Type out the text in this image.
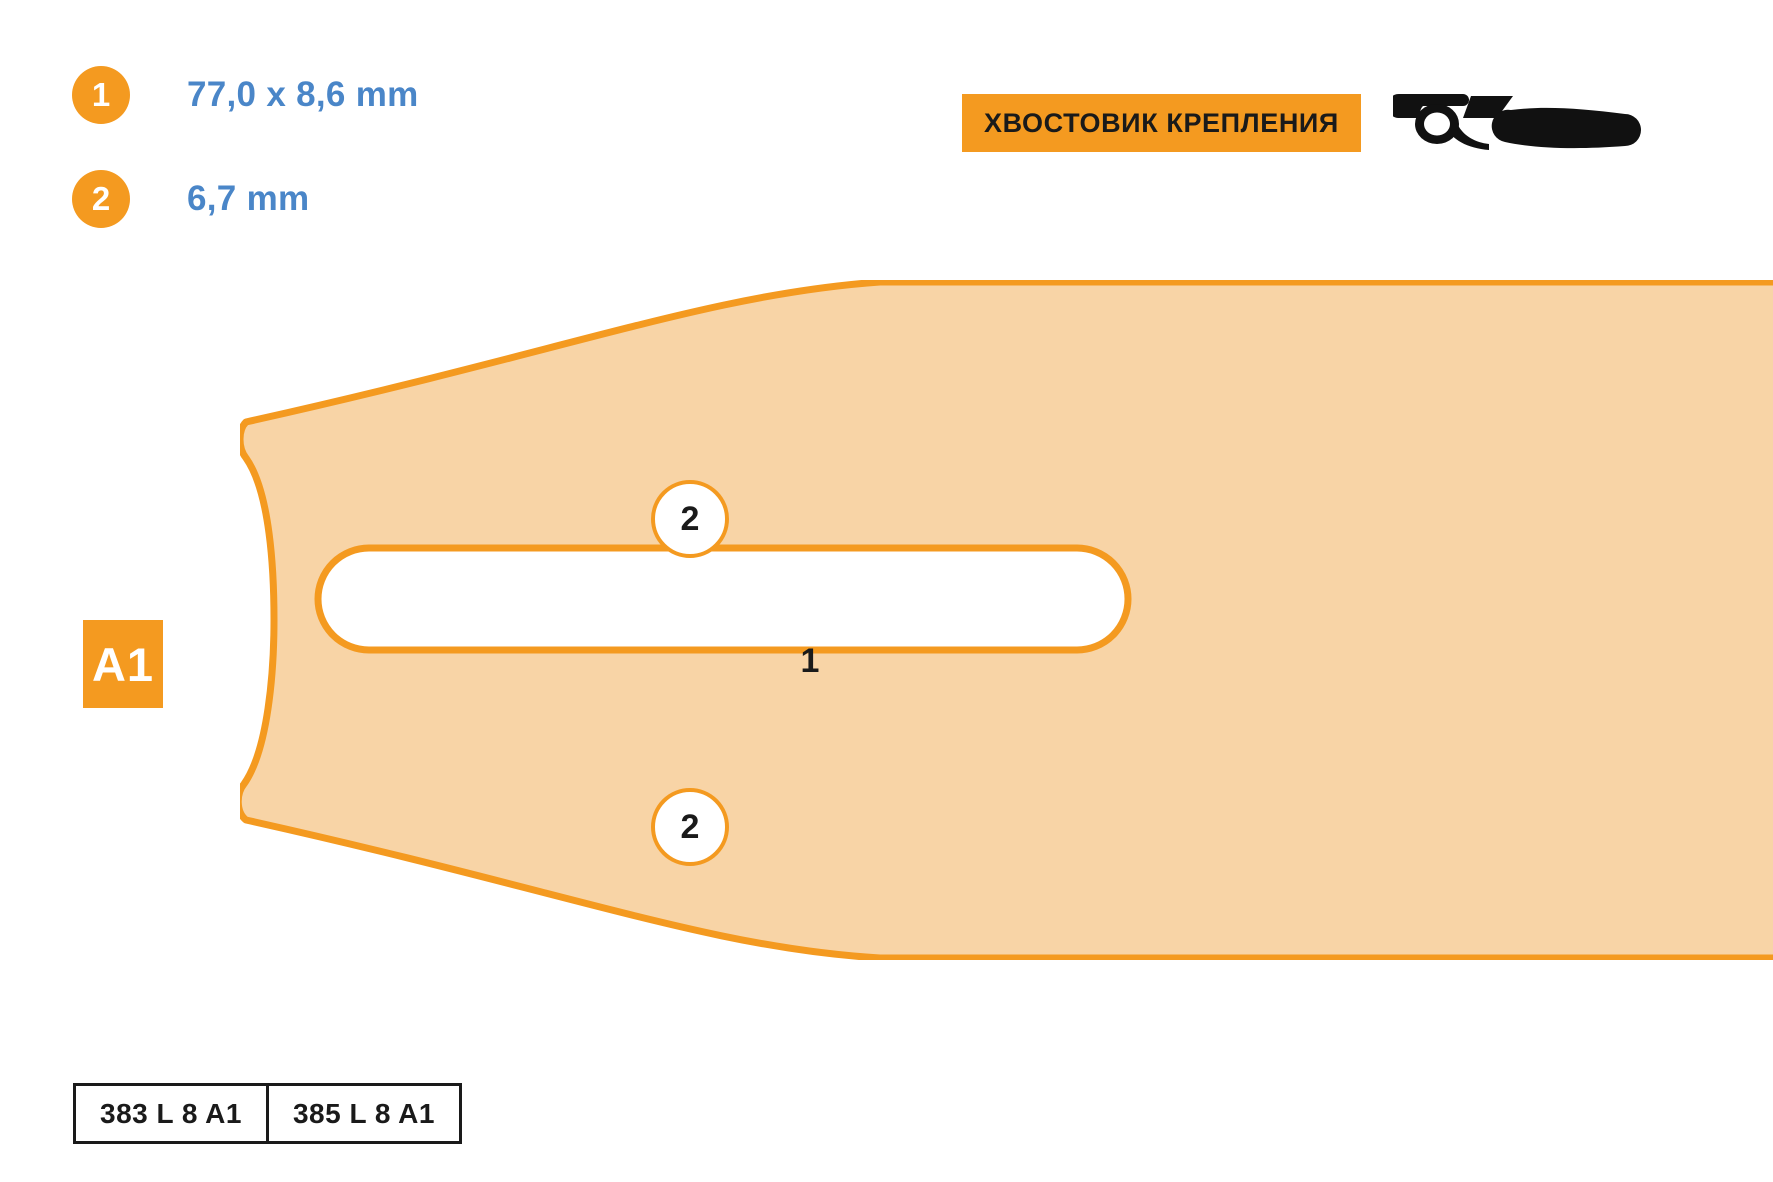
1	77,0 x 8,6 mm
2	6,7 mm
ХВОСТОВИК КРЕПЛЕНИЯ
A1	1
2
2
383 L 8 A1	385 L 8 A1
